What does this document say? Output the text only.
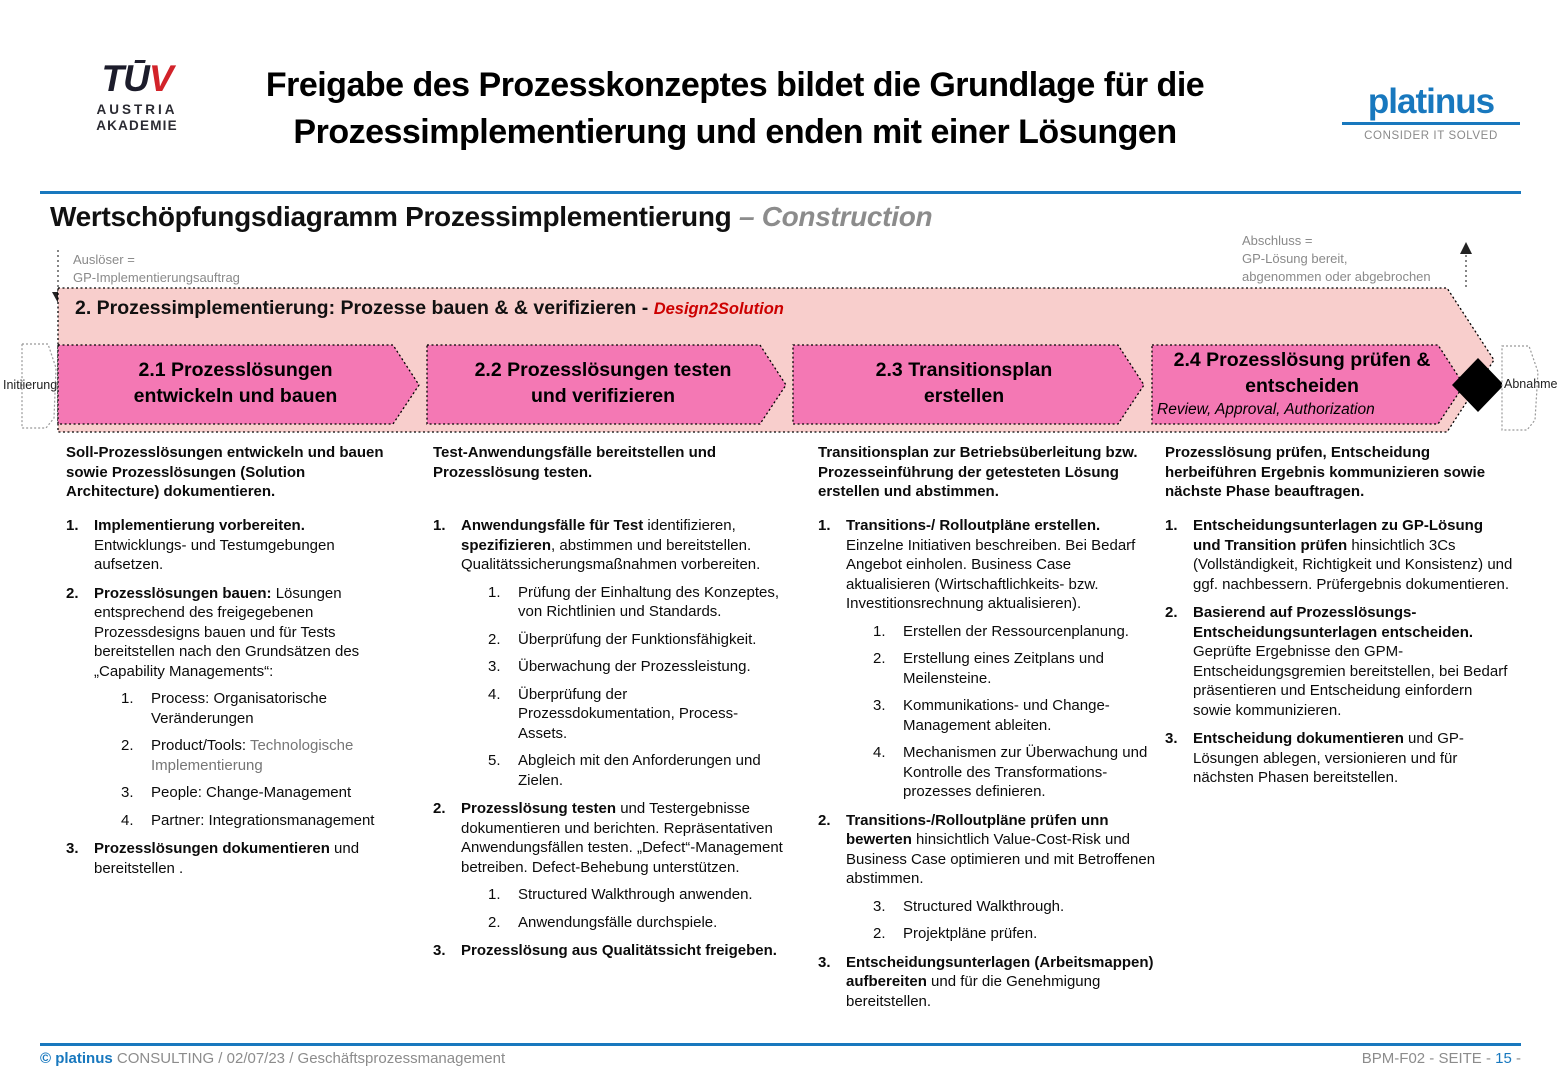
TŪV
AUSTRIA
AKADEMIE
Freigabe des Prozesskonzeptes bildet die Grundlage für die
Prozessimplementierung und enden mit einer Lösungen
platinus
CONSIDER IT SOLVED
Wertschöpfungsdiagramm Prozessimplementierung – Construction
Auslöser =
GP-Implementierungsauftrag
Abschluss =
GP-Lösung bereit,
abgenommen oder abgebrochen
2. Prozessimplementierung: Prozesse bauen & & verifizieren - Design2Solution
Initiierung	Abnahme
2.1 Prozesslösungen
entwickeln und bauen
2.2 Prozesslösungen testen
und verifizieren
2.3 Transitionsplan
erstellen
2.4 Prozesslösung prüfen &
entscheiden
Review, Approval, Authorization
Soll-Prozesslösungen entwickeln und bauen sowie Prozesslösungen (Solution Architecture) dokumentieren.
1.	Implementierung vorbereiten. Entwicklungs- und Testumgebungen aufsetzen.
2.	Prozesslösungen bauen: Lösungen entsprechend des freigegebenen Prozessdesigns bauen und für Tests bereitstellen nach den Grundsätzen des „Capability Managements“:
1.	Process: Organisatorische Veränderungen
2.	Product/Tools: Technologische Implementierung
3.	People: Change-Management
4.	Partner: Integrationsmanagement
3.	Prozesslösungen dokumentieren und bereitstellen .
Test-Anwendungsfälle bereitstellen und Prozesslösung testen.
1.	Anwendungsfälle für Test identifizieren, spezifizieren, abstimmen und bereitstellen. Qualitätssicherungsmaßnahmen vorbereiten.
1.	Prüfung der Einhaltung des Konzeptes, von Richtlinien und Standards.
2.	Überprüfung der Funktionsfähigkeit.
3.	Überwachung der Prozessleistung.
4.	Überprüfung der Prozessdokumentation, Process-Assets.
5.	Abgleich mit den Anforderungen und Zielen.
2.	Prozesslösung testen und Testergebnisse dokumentieren und berichten. Repräsentativen Anwendungsfällen testen. „Defect“-Management betreiben. Defect-Behebung unterstützen.
1.	Structured Walkthrough anwenden.
2.	Anwendungsfälle durchspiele.
3.	Prozesslösung aus Qualitätssicht freigeben.
Transitionsplan zur Betriebsüberleitung bzw. Prozesseinführung der getesteten Lösung erstellen und abstimmen.
1.	Transitions-/ Rolloutpläne erstellen. Einzelne Initiativen beschreiben. Bei Bedarf Angebot einholen. Business Case aktualisieren (Wirtschaftlichkeits- bzw. Investitionsrechnung aktualisieren).
1.	Erstellen der Ressourcenplanung.
2.	Erstellung eines Zeitplans und Meilensteine.
3.	Kommunikations- und Change-Management ableiten.
4.	Mechanismen zur Überwachung und Kontrolle des Transformations-prozesses definieren.
2.	Transitions-/Rolloutpläne prüfen unn bewerten hinsichtlich Value-Cost-Risk und Business Case optimieren und mit Betroffenen abstimmen.
3.	Structured Walkthrough.
2.	Projektpläne prüfen.
3.	Entscheidungsunterlagen (Arbeitsmappen) aufbereiten und für die Genehmigung bereitstellen.
Prozesslösung prüfen, Entscheidung herbeiführen Ergebnis kommunizieren sowie nächste Phase beauftragen.
1.	Entscheidungsunterlagen zu GP-Lösung und Transition prüfen hinsichtlich 3Cs (Vollständigkeit, Richtigkeit und Konsistenz) und ggf. nachbessern. Prüfergebnis dokumentieren.
2.	Basierend auf Prozesslösungs-Entscheidungsunterlagen entscheiden. Geprüfte Ergebnisse den GPM-Entscheidungsgremien bereitstellen, bei Bedarf präsentieren und Entscheidung einfordern sowie kommunizieren.
3.	Entscheidung dokumentieren und GP-Lösungen ablegen, versionieren und für nächsten Phasen bereitstellen.
© platinus CONSULTING / 02/07/23 / Geschäftsprozessmanagement	BPM-F02 - SEITE - 15 -
